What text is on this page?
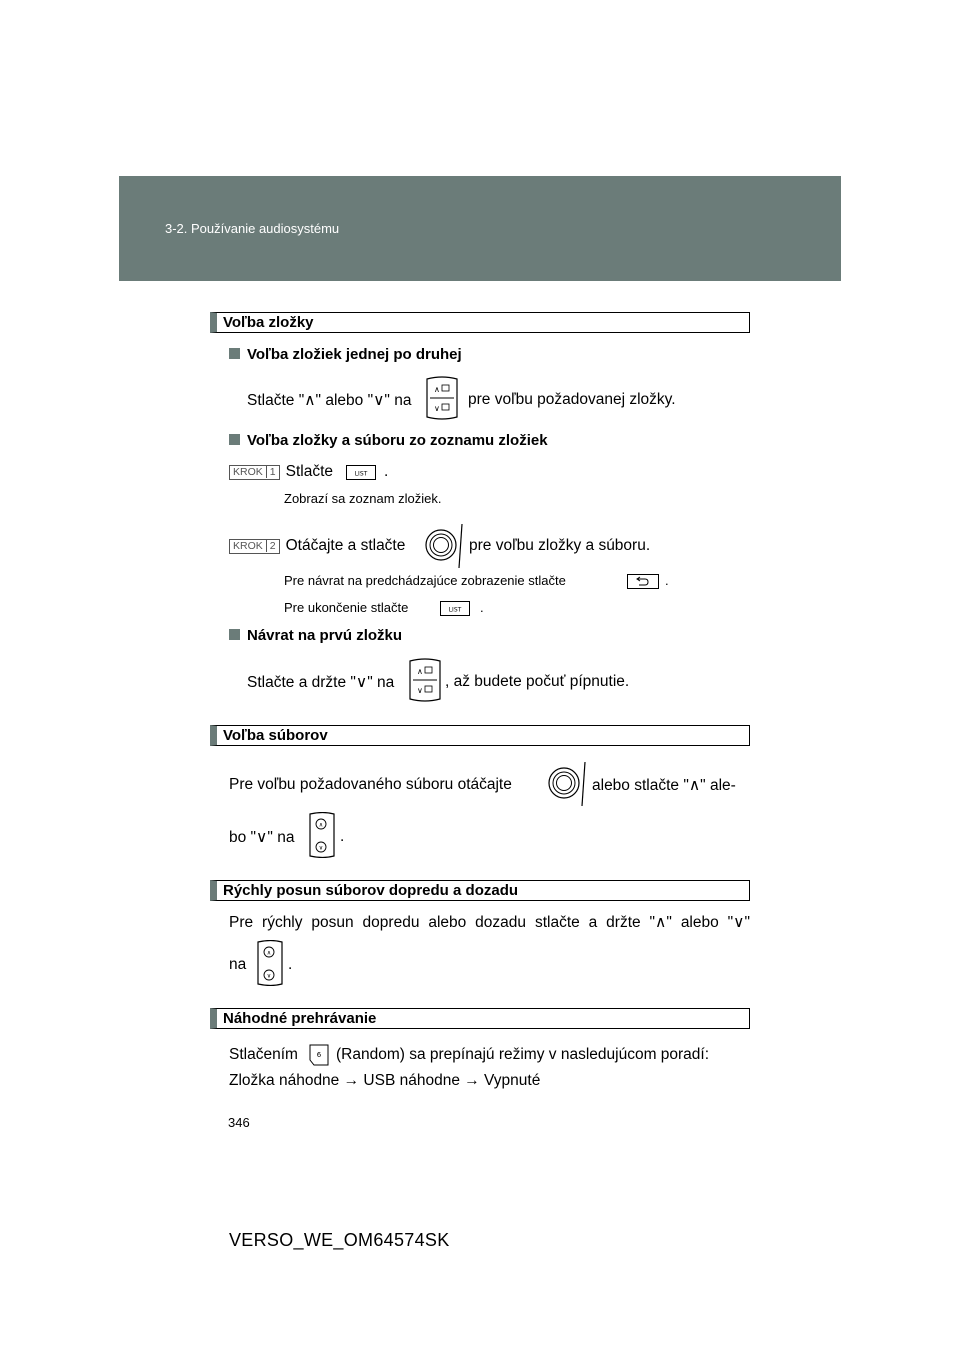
3-2. Používanie audiosystému
Voľba zložky
Voľba zložiek jednej po druhej
Stlačte "∧" alebo "∨" na
∧
∨
pre voľbu požadovanej zložky.
Voľba zložky a súboru zo zoznamu zložiek
KROK 1 Stlačte	LIST .
Zobrazí sa zoznam zložiek.
KROK 2 Otáčajte a stlačte	pre voľbu zložky a súboru.
Pre návrat na predchádzajúce zobrazenie stlačte	.
Pre ukončenie stlačte	LIST .
Návrat na prvú zložku
Stlačte a držte "∨" na
∧
∨
, až budete počuť pípnutie.
Voľba súborov
Pre voľbu požadovaného súboru otáčajte	alebo stlačte "∧" ale-
bo "∨" na
∧
∨
.
Rýchly posun súborov dopredu a dozadu
Pre rýchly posun dopredu alebo dozadu stlačte a držte "∧" alebo "∨"
na
∧
∨
.
Náhodné prehrávanie
Stlačením	6 (Random) sa prepínajú režimy v nasledujúcom poradí:
Zložka náhodne → USB náhodne → Vypnuté
346
VERSO_WE_OM64574SK
